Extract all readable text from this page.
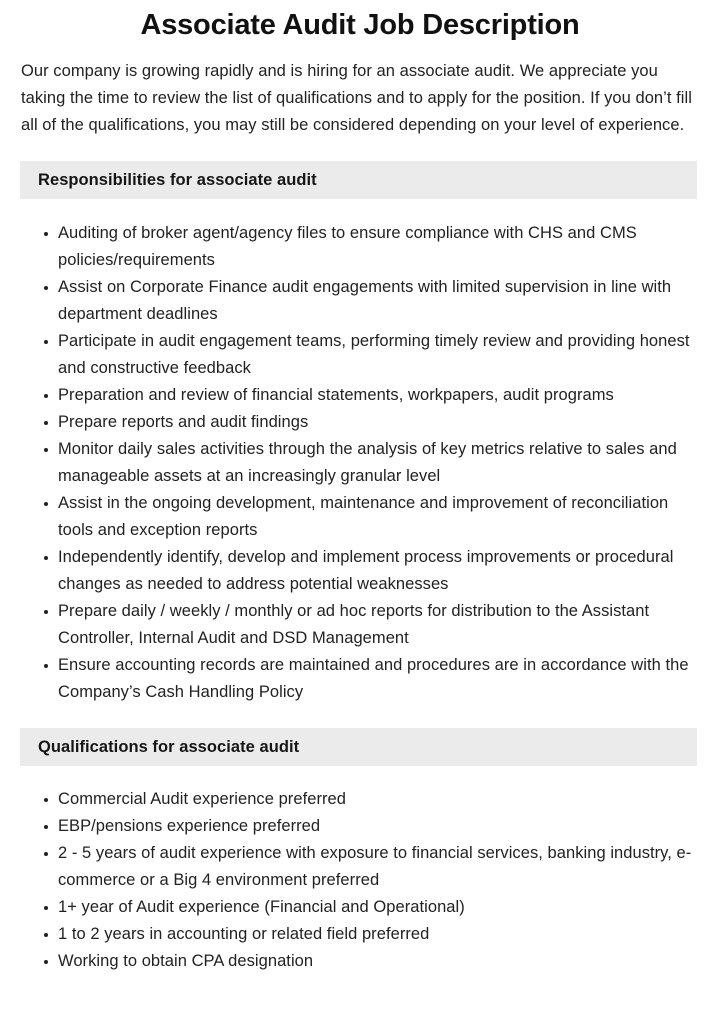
Associate Audit Job Description

Our company is growing rapidly and is hiring for an associate audit. We appreciate you taking the time to review the list of qualifications and to apply for the position. If you don’t fill all of the qualifications, you may still be considered depending on your level of experience.

Responsibilities for associate audit
Auditing of broker agent/agency files to ensure compliance with CHS and CMS policies/requirements
Assist on Corporate Finance audit engagements with limited supervision in line with department deadlines
Participate in audit engagement teams, performing timely review and providing honest and constructive feedback
Preparation and review of financial statements, workpapers, audit programs
Prepare reports and audit findings
Monitor daily sales activities through the analysis of key metrics relative to sales and manageable assets at an increasingly granular level
Assist in the ongoing development, maintenance and improvement of reconciliation tools and exception reports
Independently identify, develop and implement process improvements or procedural changes as needed to address potential weaknesses
Prepare daily / weekly / monthly or ad hoc reports for distribution to the Assistant Controller, Internal Audit and DSD Management
Ensure accounting records are maintained and procedures are in accordance with the Company’s Cash Handling Policy
Qualifications for associate audit
Commercial Audit experience preferred
EBP/pensions experience preferred
2 - 5 years of audit experience with exposure to financial services, banking industry, e-commerce or a Big 4 environment preferred
1+ year of Audit experience (Financial and Operational)
1 to 2 years in accounting or related field preferred
Working to obtain CPA designation
